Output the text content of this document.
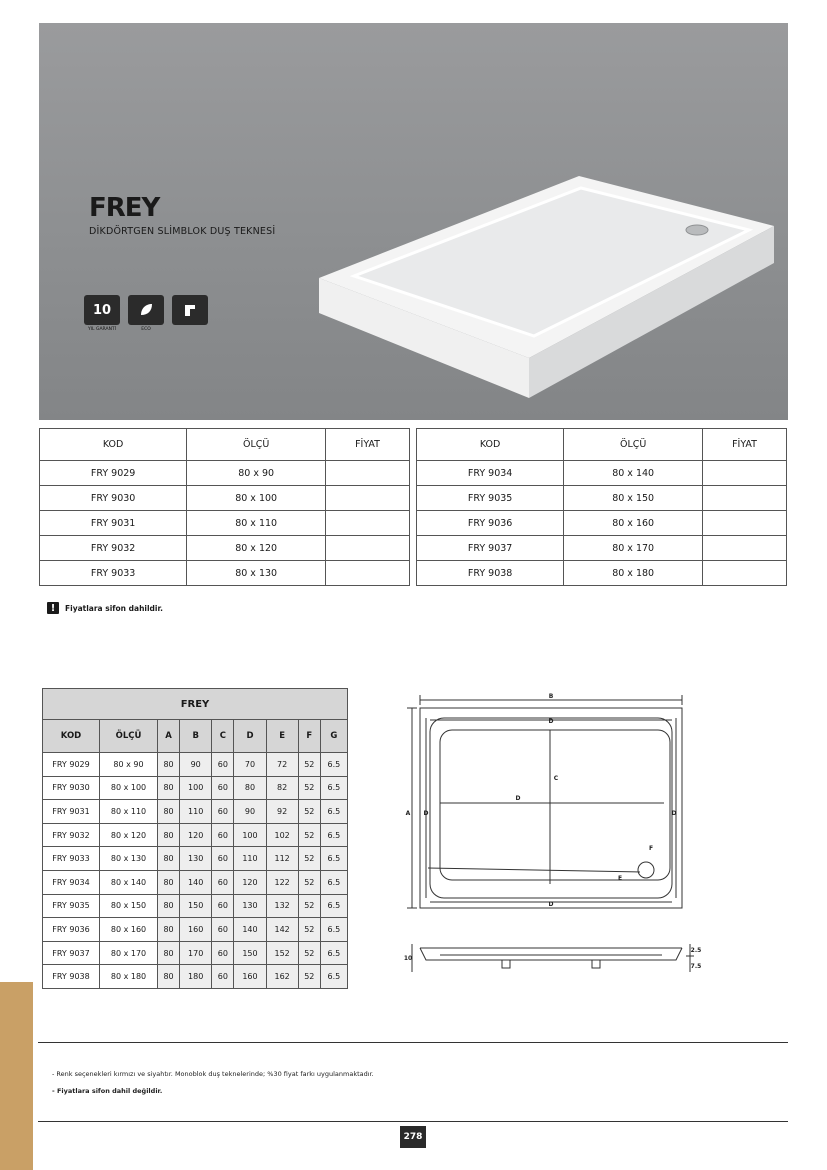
FREY
DİKDÖRTGEN SLİMBLOK DUŞ TEKNESİ
10
YIL GARANTİ	ECO
KOD	ÖLÇÜ	FİYAT
FRY 9029	80 x 90	
FRY 9030	80 x 100	
FRY 9031	80 x 110	
FRY 9032	80 x 120	
FRY 9033	80 x 130	
KOD	ÖLÇÜ	FİYAT
FRY 9034	80 x 140	
FRY 9035	80 x 150	
FRY 9036	80 x 160	
FRY 9037	80 x 170	
FRY 9038	80 x 180	
!	Fiyatlara sifon dahildir.
FREY								
KOD	ÖLÇÜ	A	B	C	D	E	F	G
FRY 9029	80 x 90	80	90	60	70	72	52	6.5
FRY 9030	80 x 100	80	100	60	80	82	52	6.5
FRY 9031	80 x 110	80	110	60	90	92	52	6.5
FRY 9032	80 x 120	80	120	60	100	102	52	6.5
FRY 9033	80 x 130	80	130	60	110	112	52	6.5
FRY 9034	80 x 140	80	140	60	120	122	52	6.5
FRY 9035	80 x 150	80	150	60	130	132	52	6.5
FRY 9036	80 x 160	80	160	60	140	142	52	6.5
FRY 9037	80 x 170	80	170	60	150	152	52	6.5
FRY 9038	80 x 180	80	180	60	160	162	52	6.5
B
D
C
D
A D	D
F
E
D
10
2.5
7.5
- Renk seçenekleri kırmızı ve siyahtır. Monoblok duş teknelerinde; %30 fiyat farkı uygulanmaktadır.
- Fiyatlara sifon dahil değildir.
278
